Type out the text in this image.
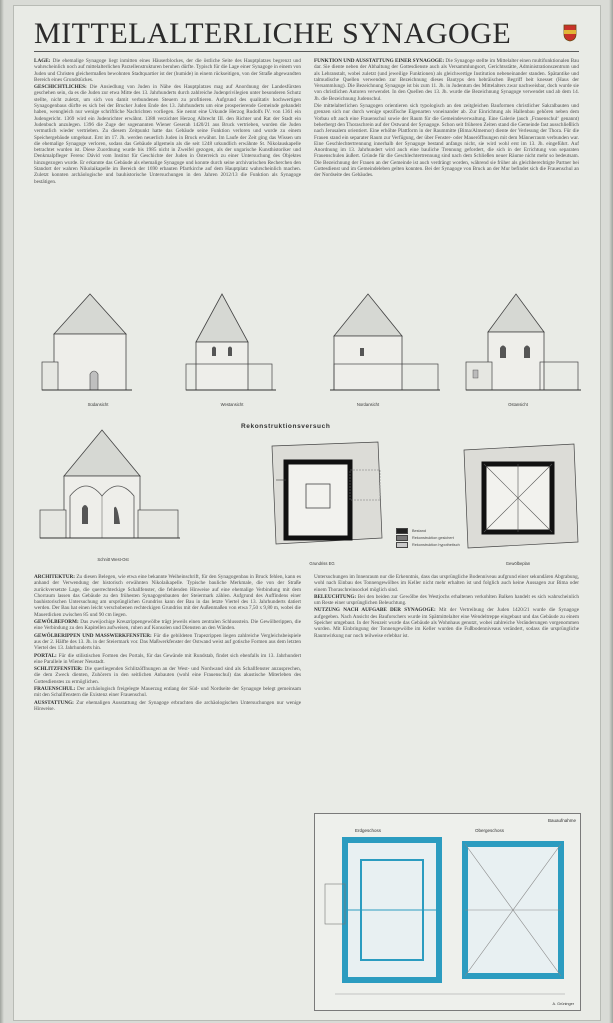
MITTELALTERLICHE SYNAGOGE

LAGE: Die ehemalige Synagoge liegt inmitten eines Häuserblockes, der die östliche Seite des Hauptplatzes begrenzt und wahrscheinlich noch auf mittelalterlichen Parzellenstrukturen beruhen dürfte. Typisch für die Lage einer Synagoge in einem von Juden und Christen gleichermaßen bewohnten Stadtquartier ist der (humide) in einem rückseitigen, von der Straße abgewandten Bereich eines Grundstückes.

GESCHICHTLICHES: Die Ansiedlung von Juden in Nähe des Hauptplatzes mag auf Anordnung der Landesfürsten geschehen sein, da es die Juden zur etwa Mitte des 13. Jahrhunderts durch zahlreiche Judenprivilegien unter besonderen Schutz stellte, nicht zuletzt, um sich von damit verbundenen Steuern zu profitieren. Aufgrund des qualitativ hochwertigen Synagogenbaus dürfte es sich bei der Brucker Juden Ende des 13. Jahrhunderts um eine prosperierende Gemeinde gehandelt haben, wenngleich nur wenige schriftliche Nachrichten vorliegen. Sie nennt eine Urkunde Herzog Rudolfs IV. von 1361 ein Judengericht. 1369 wird ein Judenrichter erwähnt. 1388 verzichtet Herzog Albrecht III. den Richter und Rat der Stadt ein Judenbuch anzulegen. 1396 die Zuge der sogenannten Wiener Geserah 1420/21 aus Bruck vertrieben, wurden die Juden vermutlich wieder vertrieben. Zu diesem Zeitpunkt hatte das Gebäude seine Funktion verloren und wurde zu einem Speichergebäude umgebaut. Erst im 17. Jh. werden neuerlich Juden in Bruck erwähnt. Im Laufe der Zeit ging das Wissen um die ehemalige Synagoge verloren, sodass das Gebäude allgemein als die seit 1248 urkundlich erwähnte St. Nikolauskapelle betrachtet wurden ist. Diese Zuordnung wurde bis 1985 nicht in Zweifel gezogen, als der ungarische Kunsthistoriker und Denkmalpfleger Ferenc Dávid vom Institut für Geschichte der Juden in Österreich zu einer Untersuchung des Objektes hinzugezogen wurde. Er erkannte das Gebäude als ehemalige Synagoge und konnte durch seine archivarischen Recherchen den Standort der wahren Nikolaikapelle im Bereich der 1690 erbauten Pfarrkirche auf dem Hauptplatz wahrscheinlich machen. Zuletzt konnten archäologische und bauhistorische Untersuchungen in den Jahren 2012/13 die Funktion als Synagoge bestätigen.

FUNKTION UND AUSSTATTUNG EINER SYNAGOGE: Die Synagoge stellte im Mittelalter einen multifunktionalen Bau dar. Sie diente neben der Abhaltung der Gottesdienste auch als Versammlungsort, Gerichtsstätte, Administrationszentrum und als Lehranstalt, wobei zuletzt (und jeweilige Funktionen) als gleichwertige Institution nebeneinander standen. Spätantike und talmudische Quellen verwenden zur Bezeichnung dieses Bautyps den hebräischen Begriff beit knesset (Haus der Versammlung). Die Bezeichnung Synagoge ist bis zum 11. Jh. in Judentum des Mittelalters zwar nachweisbar, doch wurde sie von christlichen Autoren verwendet. In den Quellen des 13. Jh. wurde die Bezeichnung Synagoge verwendet und ab dem 14. Jh. die Bezeichnung Judenschul.

Die mittelalterlichen Synagogen orientieren sich typologisch an den zeitgleichen Bauformen christlicher Sakralbauten und grenzen sich nur durch wenige spezifische Eigenarten voneinander ab. Zur Einrichtung als Hallenbau gehören neben dem Vorbau oft auch eine Frauenschul sowie der Raum für die Gemeindeverwaltung. Eine Galerie (auch ‚Frauenschul‘ genannt) beherbergt den Thoraschrein auf der Ostwand der Synagoge. Schon seit früheren Zeiten stand die Gemeinde fast ausschließlich nach Jerusalem orientiert. Eine erhöhte Plattform in der Raummitte (Bima/Almemor) diente der Verlesung der Thora. Für die Frauen stand ein separater Raum zur Verfügung, der über Fenster- oder Maueröffnungen mit dem Männerraum verbunden war. Eine Geschlechtertrennung innerhalb der Synagoge bestand anfangs nicht, sie wird wohl erst im 13. Jh. eingeführt. Auf Anordnung im 13. Jahrhundert wird auch eine bauliche Trennung gefordert, die sich in der Errichtung von separaten Frauenschulen äußert. Gründe für die Geschlechtertrennung sind nach dem Schließen neuer Räume nicht mehr so bedeutsam. Die Bezeichnung der Frauen an der Gemeinde ist auch verdrängt worden, während sie früher als gleichberechtigte Partner bei Gottesdienst und im Gemeindeleben gelten konnten. Bei der Synagoge von Bruck an der Mur befindet sich die Frauenschul an der Nordseite des Gebäudes.

Südansicht	Westansicht	Nordansicht	Ostansicht
Rekonstruktionsversuch
Schnitt West-Ost
Grundriss EG
Bestand
Rekonstruktion gesichert
Rekonstruktion hypothetisch
Gewölbeplan

ARCHITEKTUR: Zu diesen Belegen, wie etwa eine bekannte Weiheinschrift, für den Synagogenbau in Bruck fehlen, kann es anhand der Verwendung der historisch erwähnten Nikolaikapelle. Typische bauliche Merkmale, die von der Straße zurückversetzte Lage, die querrechteckige Schallfenster, die fehlenden Hinweise auf eine ehemalige Verbindung mit dem Chorraum lassen das Gebäude zu den frühesten Synagogenbauten der Steiermark zählen. Aufgrund des Auffindens einer bauhistorischen Untersuchung am ursprünglichen Grundriss kann der Bau in das letzte Viertel des 13. Jahrhunderts datiert werden. Der Bau hat einen leicht verschobenen rechteckigen Grundriss mit der Außenmaßen von etwa 7,50 x 9,80 m, wobei die Mauerdicken zwischen 85 und 90 cm liegen.

GEWÖLBEFORM: Das zweijochige Kreuzrippengewölbe trägt jeweils einen zentralen Schlussstein. Die Gewölberippen, die eine Verbindung zu den Kapitellen aufweisen, ruhen auf Konsolen und Diensten an den Wänden.

GEWÖLBERIPPEN UND MASSWERKFENSTER: Für die gebildeten Trapezrippen liegen zahlreiche Vergleichsbeispiele aus der 2. Hälfte des 13. Jh. in der Steiermark vor. Das Maßwerkfenster der Ostwand weist auf gotische Formen aus dem letzten Viertel des 13. Jahrhunderts hin.

PORTAL: Für die stilistischen Formen des Portals, für das Gewände mit Rundstab, findet sich ebenfalls im 13. Jahrhundert eine Parallele in Wiener Neustadt.

SCHLITZFENSTER: Die querliegenden Schlitzöffnungen an der West- und Nordwand sind als Schallfenster anzusprechen, die dem Zweck dienten, Zuhörern in den seitlichen Anbauten (wohl eine Frauenschul) das akustische Miterleben des Gottesdienstes zu ermöglichen.

FRAUENSCHUL: Der archäologisch freigelegte Mauerzug entlang der Süd- und Nordseite der Synagoge belegt gemeinsam mit den Schallfenstern die Existenz einer Frauenschul.

AUSSTATTUNG: Zur ehemaligen Ausstattung der Synagoge erbrachten die archäologischen Untersuchungen nur wenige Hinweise.

Untersuchungen im Innenraum nur die Erkenntnis, dass das ursprüngliche Bodenniveau aufgrund einer sekundären Abgrabung, wohl nach Einbau des Tonnengewölbes im Keller nicht mehr erhalten ist und folglich auch keine Aussagen zur Bima oder einem Thoraschreinsockel möglich sind.

BELEUCHTUNG: Bei den beiden zur Gewölbe des Westjochs erhaltenen verkohlten Balken handelt es sich wahrscheinlich um Reste einer ursprünglichen Beleuchtung.

NUTZUNG NACH AUFGABE DER SYNAGOGE: Mit der Vertreibung der Juden 1420/21 wurde die Synagoge aufgegeben. Nach Ansicht des Bauforschers wurde im Spätmittelalter eine Wendeltreppe eingebaut und das Gebäude zu einem Speicher umgebaut. In der Neuzeit wurde das Gebäude als Wohnhaus genutzt, wobei zahlreiche Veränderungen vorgenommen wurden. Mit Einbringung der Tonnengewölbe im Keller wurden die Fußbodenniveaus verändert, sodass die ursprüngliche Raumwirkung nur noch teilweise erlebbar ist.

Bauaufnahme
Erdgeschoss	Obergeschoss
A. Grüninger
